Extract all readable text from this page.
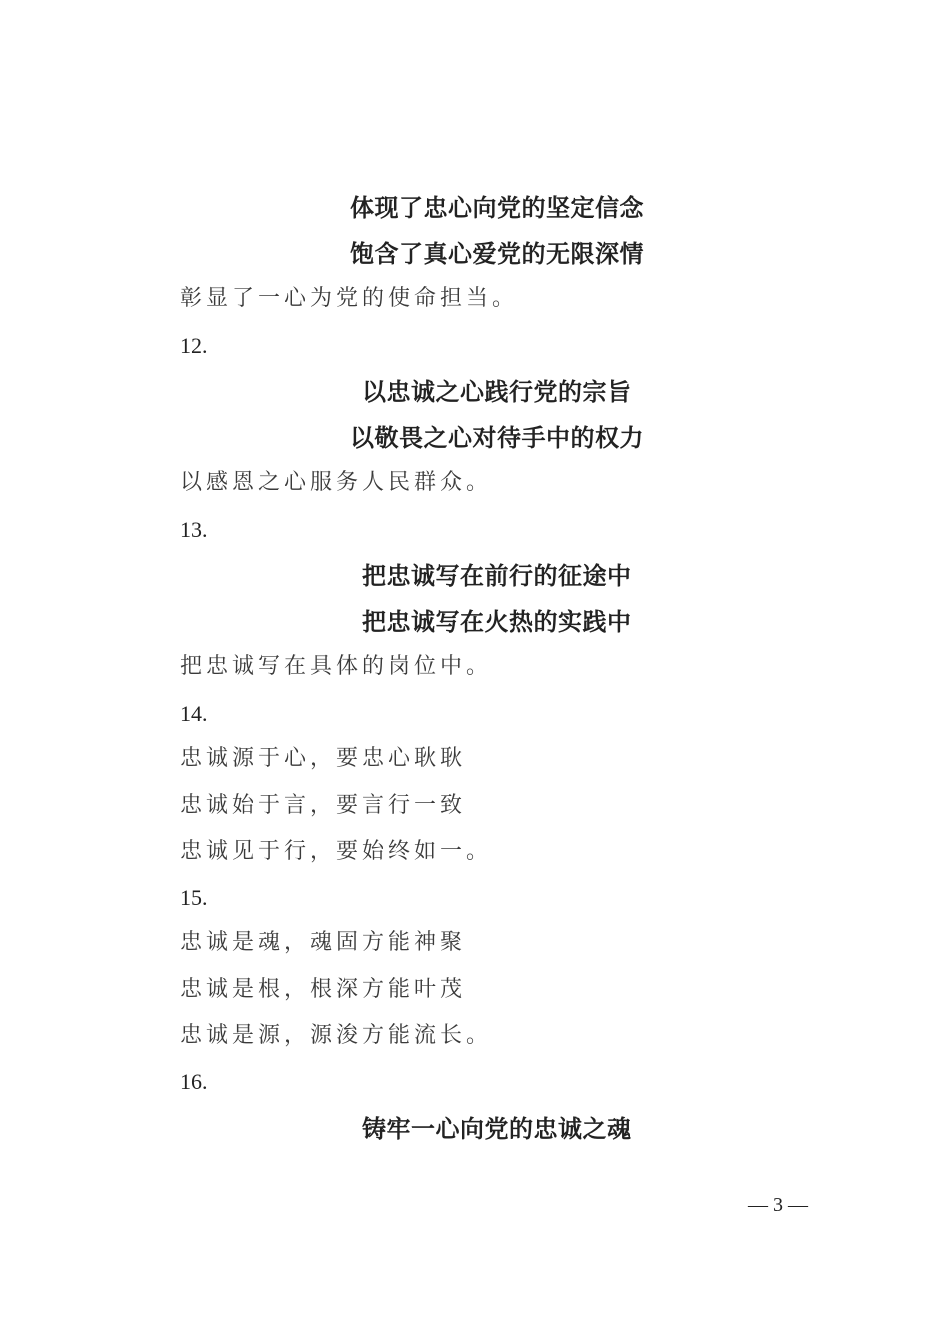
体现了忠心向党的坚定信念
饱含了真心爱党的无限深情
彰显了一心为党的使命担当。
12.
以忠诚之心践行党的宗旨
以敬畏之心对待手中的权力
以感恩之心服务人民群众。
13.
把忠诚写在前行的征途中
把忠诚写在火热的实践中
把忠诚写在具体的岗位中。
14.
忠诚源于心，要忠心耿耿
忠诚始于言，要言行一致
忠诚见于行，要始终如一。
15.
忠诚是魂，魂固方能神聚
忠诚是根，根深方能叶茂
忠诚是源，源浚方能流长。
16.
铸牢一心向党的忠诚之魂
— 3 —
